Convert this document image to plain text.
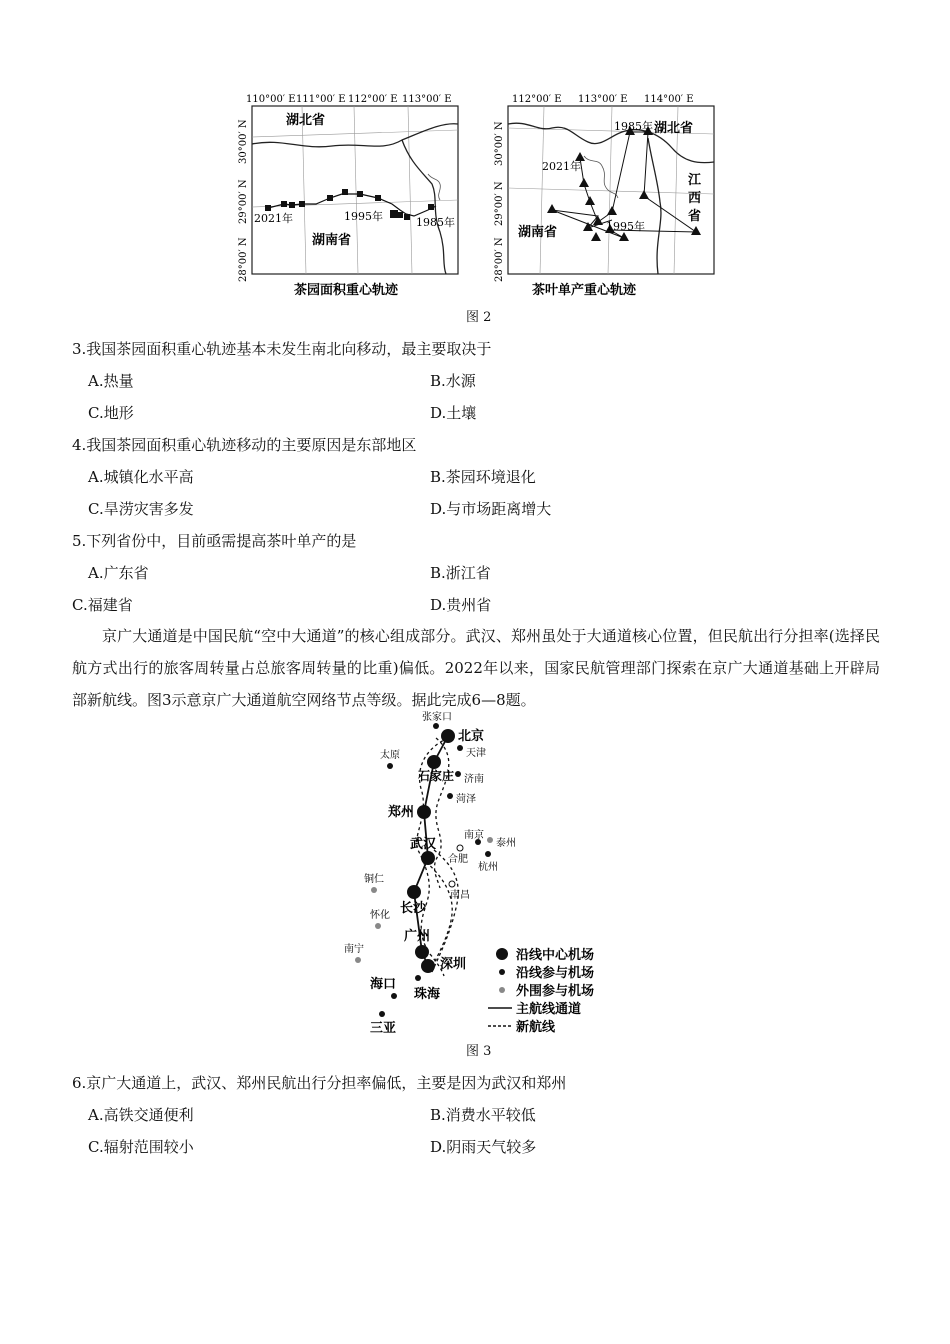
110°00′ E 111°00′ E 112°00′ E 113°00′ E
30°00′ N
29°00′ N
28°00′ N
湖北省
湖南省
2021年	1995年	1985年
茶园面积重心轨迹
112°00′ E 113°00′ E 114°00′ E
30°00′ N
29°00′ N
28°00′ N
湖北省
江
西
省
湖南省
1985年
2021年
1995年
茶叶单产重心轨迹
图 2
3.我国茶园面积重心轨迹基本未发生南北向移动，最主要取决于
A.热量	B.水源
C.地形	D.土壤
4.我国茶园面积重心轨迹移动的主要原因是东部地区
A.城镇化水平高	B.茶园环境退化
C.旱涝灾害多发	D.与市场距离增大
5.下列省份中，目前亟需提高茶叶单产的是
A.广东省	B.浙江省
C.福建省	D.贵州省
京广大通道是中国民航“空中大通道”的核心组成部分。武汉、郑州虽处于大通道核心位置，但民航出行分担率(选择民航方式出行的旅客周转量占总旅客周转量的比重)偏低。2022年以来，国家民航管理部门探索在京广大通道基础上开辟局部新航线。图3示意京广大通道航空网络节点等级。据此完成6—8题。
张家口
北京
天津
太原
石家庄 济南
菏泽
郑州
南京
泰州
武汉
合肥
杭州
铜仁
南昌
长沙
怀化
广州
南宁
深圳
海口
珠海
三亚
沿线中心机场
沿线参与机场
外围参与机场
主航线通道
新航线
图 3
6.京广大通道上，武汉、郑州民航出行分担率偏低，主要是因为武汉和郑州
A.高铁交通便利	B.消费水平较低
C.辐射范围较小	D.阴雨天气较多
